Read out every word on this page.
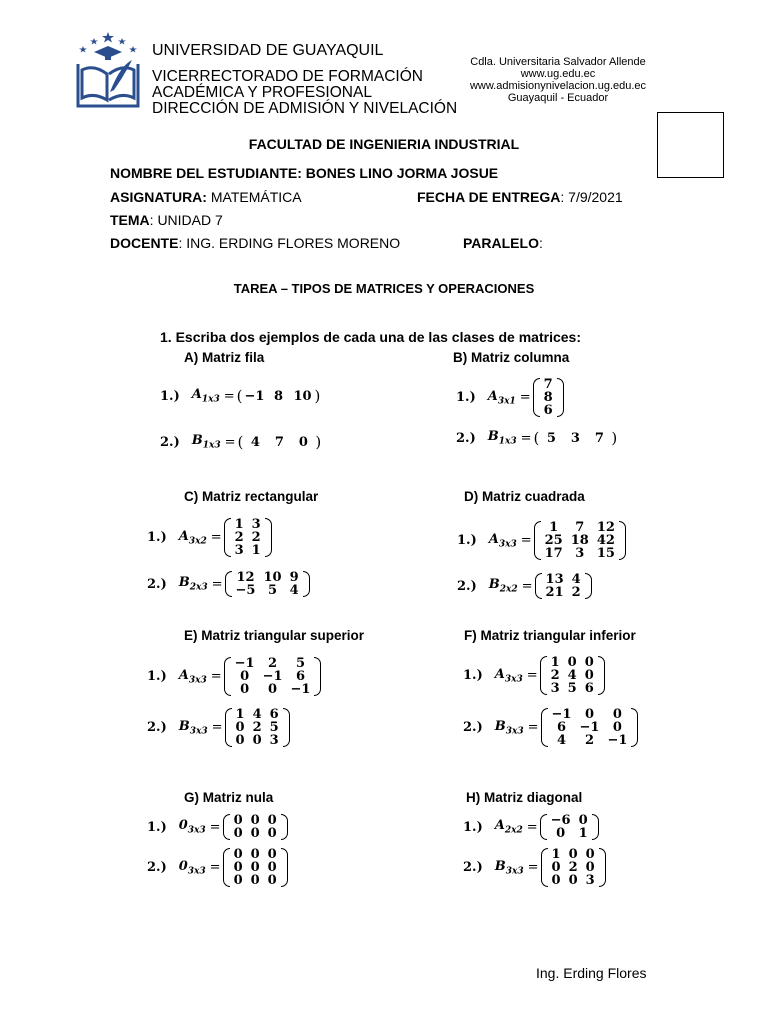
UNIVERSIDAD DE GUAYAQUIL
VICERRECTORADO DE FORMACIÓN
ACADÉMICA Y PROFESIONAL
DIRECCIÓN DE ADMISIÓN Y NIVELACIÓN
Cdla. Universitaria Salvador Allende
www.ug.edu.ec
www.admisionynivelacion.ug.edu.ec
Guayaquil - Ecuador
FACULTAD DE INGENIERIA INDUSTRIAL
NOMBRE DEL ESTUDIANTE: BONES LINO JORMA JOSUE
ASIGNATURA: MATEMÁTICA	FECHA DE ENTREGA: 7/9/2021
TEMA: UNIDAD 7
DOCENTE: ING. ERDING FLORES MORENO	PARALELO:
TAREA – TIPOS DE MATRICES Y OPERACIONES
1. Escriba dos ejemplos de cada una de las clases de matrices:
A) Matriz fila	B) Matriz columna
C) Matriz rectangular	D) Matriz cuadrada
E) Matriz triangular superior	F) Matriz triangular inferior
G) Matriz nula	H) Matriz diagonal
1.) $A_{1x3}$ = ( −1 8 10 )
2.) $B_{1x3}$ = ( 4	7	0 )
1.) $A_{3x1}$ =
7
8
6
2.) $B_{1x3}$ = ( 5	3	7 )
1.) $A_{3x2}$ =
1	3
2	2
3	1
2.) $B_{2x3} = 12$	10	9
−5	5	4
1.) $A_{3x3}$ =
1	7	12
25	18	42
17	3	15
2.) $B_{2x2} = 13$	4
21	2
1.) $A_{3x3}$ =
−1	2	5
0	−1	6
0	0	−1
2.) $B_{3x3}$ =
1	4	6
0	2	5
0	0	3
1.) $A_{3x3}$ =
1	0	0
2	4	0
3	5	6
2.) $B_{3x3}$ =
−1	0	0
6	−1	0
4	2	−1
1.) $0_{3x3} = 0$	0	0
0	0	0
2.) $0_{3x3}$ =
0	0	0
0	0	0
0	0	0
1.) $A_{2x2} = -6$	0
0	1
2.) $B_{3x3}$ =
1	0	0
0	2	0
0	0	3
Ing. Erding Flores
